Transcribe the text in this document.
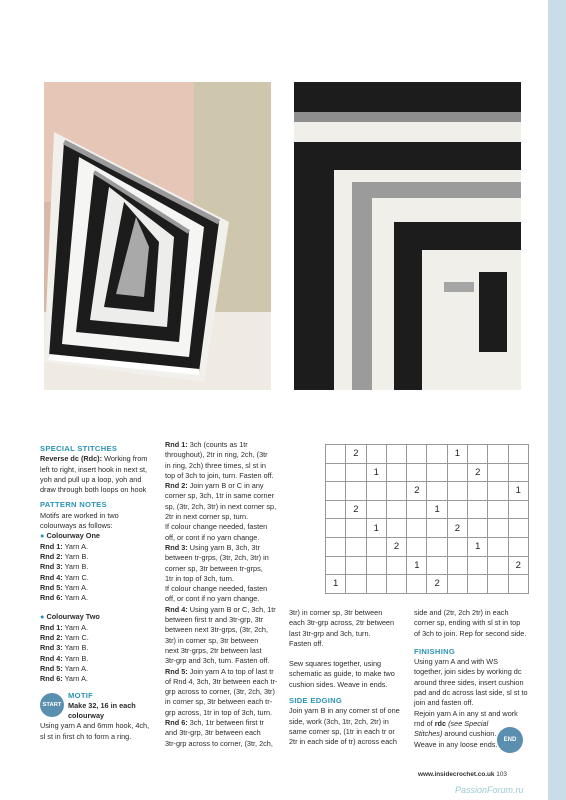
SPECIAL STITCHES

Reverse dc (Rdc): Working from
left to right, insert hook in next st,
yoh and pull up a loop, yoh and
draw through both loops on hook

PATTERN NOTES

Motifs are worked in two
colourways as follows:

● Colourway One

Rnd 1: Yarn A.

Rnd 2: Yarn B.

Rnd 3: Yarn B.

Rnd 4: Yarn C.

Rnd 5: Yarn A.

Rnd 6: Yarn A.

● Colourway Two

Rnd 1: Yarn A.

Rnd 2: Yarn C.

Rnd 3: Yarn B.

Rnd 4: Yarn B.

Rnd 5: Yarn A.

Rnd 6: Yarn A.

START
MOTIF
Make 32, 16 in each
colourway

Using yarn A and 6mm hook, 4ch,
sl st in first ch to form a ring.

Rnd 1: 3ch (counts as 1tr
throughout), 2tr in ring, 2ch, (3tr
in ring, 2ch) three times, sl st in
top of 3ch to join, turn. Fasten off.

Rnd 2: Join yarn B or C in any
corner sp, 3ch, 1tr in same corner
sp, (3tr, 2ch, 3tr) in next corner sp,
2tr in next corner sp, turn.
If colour change needed, fasten
off, or cont if no yarn change.

Rnd 3: Using yarn B, 3ch, 3tr
between tr-grps, (3tr, 2ch, 3tr) in
corner sp, 3tr between tr-grps,
1tr in top of 3ch, turn.
If colour change needed, fasten
off, or cont if no yarn change.

Rnd 4: Using yarn B or C, 3ch, 1tr
between first tr and 3tr-grp, 3tr
between next 3tr-grps, (3tr, 2ch,
3tr) in corner sp, 3tr between
next 3tr-grps, 2tr between last
3tr-grp and 3ch, turn. Fasten off.

Rnd 5: Join yarn A to top of last tr
of Rnd 4, 3ch, 3tr between each tr-
grp across to corner, (3tr, 2ch, 3tr)
in corner sp, 3tr between each tr-
grp across, 1tr in top of 3ch, turn.

Rnd 6: 3ch, 1tr between first tr
and 3tr-grp, 3tr between each
3tr-grp across to corner, (3tr, 2ch,

	2					1			
		1					2		
				2					1
	2				1				
		1				2			
			2				1		
				1					2
1					2				

3tr) in corner sp, 3tr between
each 3tr-grp across, 2tr between
last 3tr-grp and 3ch, turn.
Fasten off.

Sew squares together, using
schematic as guide, to make two
cushion sides. Weave in ends.

SIDE EDGING

Join yarn B in any corner st of one
side, work (3ch, 1tr, 2ch, 2tr) in
same corner sp, (1tr in each tr or
2tr in each side of tr) across each

side and (2tr, 2ch 2tr) in each
corner sp, ending with sl st in top
of 3ch to join. Rep for second side.

FINISHING

Using yarn A and with WS
together, join sides by working dc
around three sides, insert cushion
pad and dc across last side, sl st to
join and fasten off.

Rejoin yarn A in any st and work
rnd of rdc (see Special
Stitches) around cushion.
Weave in any loose ends.	END
www.insidecrochet.co.uk 103
PassionForum.ru
